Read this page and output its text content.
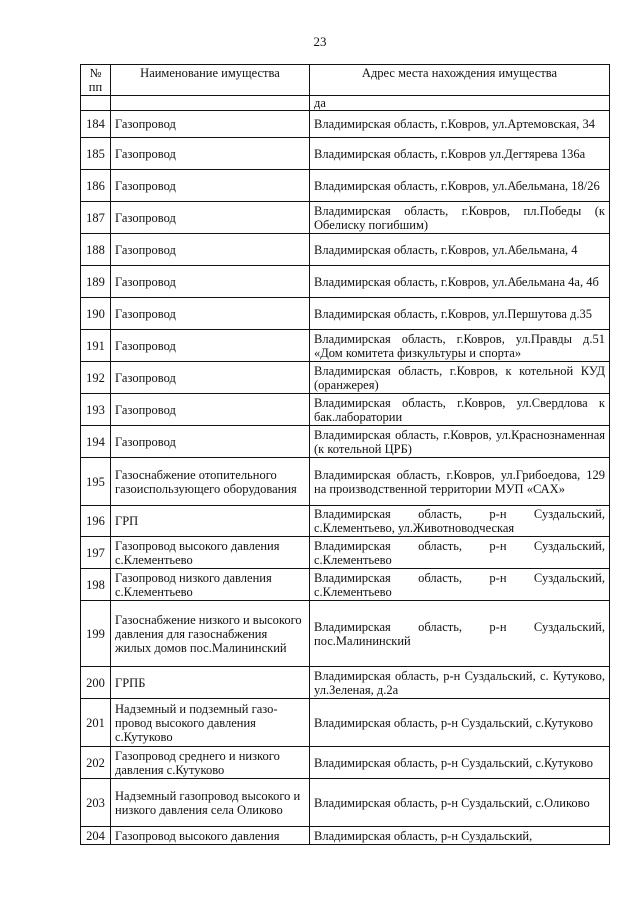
23
№ пп	Наименование имущества	Адрес места нахождения имущества
		да
184	Газопровод	Владимирская область, г.Ковров, ул.Артемовская, 34
185	Газопровод	Владимирская область, г.Ковров ул.Дегтярева 136а
186	Газопровод	Владимирская область, г.Ковров, ул.Абельмана, 18/26
187	Газопровод	Владимирская область, г.Ковров, пл.Победы (к Обелиску погибшим)
188	Газопровод	Владимирская область, г.Ковров, ул.Абельмана, 4
189	Газопровод	Владимирская область, г.Ковров, ул.Абельмана 4а, 4б
190	Газопровод	Владимирская область, г.Ковров, ул.Першутова д.35
191	Газопровод	Владимирская область, г.Ковров, ул.Правды д.51 «Дом комитета физкультуры и спорта»
192	Газопровод	Владимирская область, г.Ковров, к котельной КУД (оранжерея)
193	Газопровод	Владимирская область, г.Ковров, ул.Свердлова к бак.лаборатории
194	Газопровод	Владимирская область, г.Ковров, ул.Краснознаменная (к котельной ЦРБ)
195	Газоснабжение отопительного газоиспользующего оборудования	Владимирская область, г.Ковров, ул.Грибоедова, 129 на производственной территории МУП «САХ»
196	ГРП	Владимирская область, р-н Суздальский, с.Клементьево, ул.Животноводческая
197	Газопровод высокого давления с.Клементьево	Владимирская область, р-н Суздальский, с.Клементьево
198	Газопровод низкого давления с.Клементьево	Владимирская область, р-н Суздальский, с.Клементьево
199	Газоснабжение низкого и высокого давления для газоснабжения жилых домов пос.Малининский	Владимирская область, р-н Суздальский, пос.Малининский
200	ГРПБ	Владимирская область, р-н Суздальский, с. Кутуково, ул.Зеленая, д.2а
201	Надземный и подземный газопровод высокого давления с.Кутуково	Владимирская область, р-н Суздальский, с.Кутуково
202	Газопровод среднего и низкого давления с.Кутуково	Владимирская область, р-н Суздальский, с.Кутуково
203	Надземный газопровод высокого и низкого давления села Оликово	Владимирская область, р-н Суздальский, с.Оликово
204	Газопровод высокого давления	Владимирская область, р-н Суздальский,
